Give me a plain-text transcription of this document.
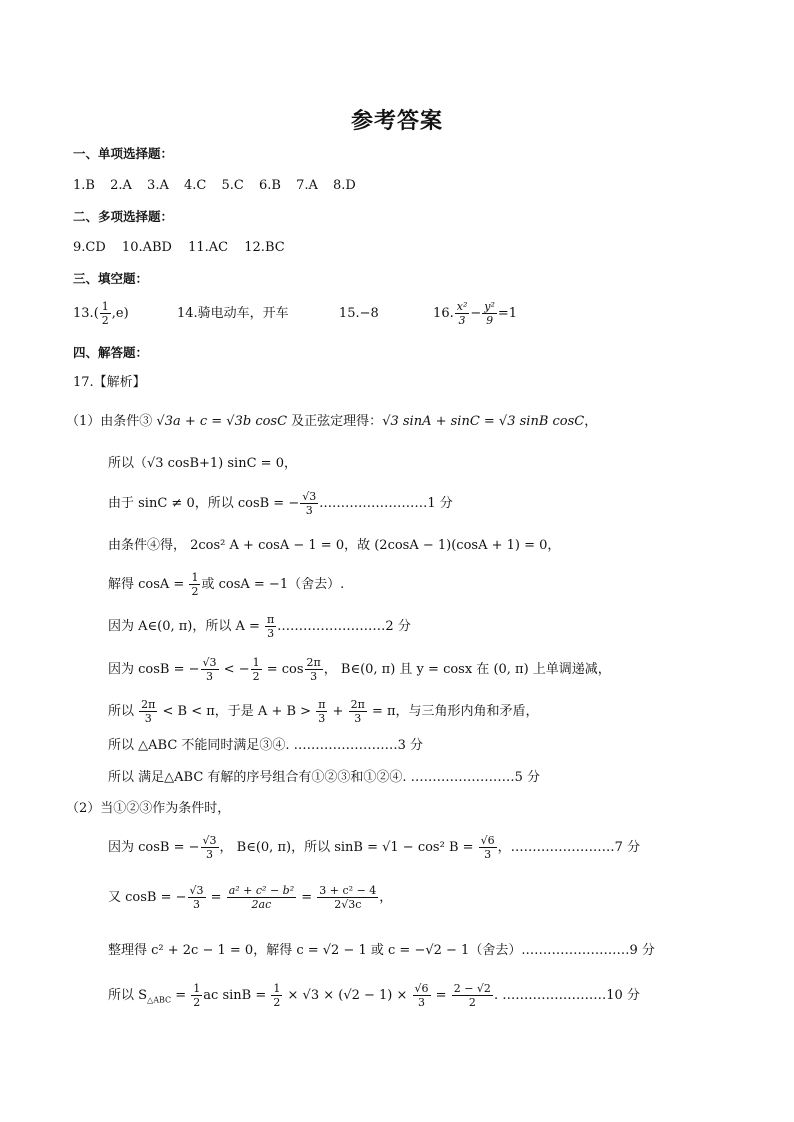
参考答案
一、单项选择题：
1.B 2.A 3.A 4.C 5.C 6.B 7.A 8.D
二、多项选择题：
9.CD 10.ABD 11.AC 12.BC
三、填空题：
$13.( \frac{1}{2} ,e)$	14.骑电动车，开车	15.−8	16. $\frac{\text{x²}}{3} - \frac{\text{y²}}{9} =1$
四、解答题：
17.【解析】
（1）由条件③ √3a + c = √3b cosC 及正弦定理得：√3 sinA + sinC = √3 sinB cosC，
所以（√3 cosB+1) sinC = 0，
由于 sinC ≠ 0，所以 cosB = − $\frac{√3}{3}$ .……………………1 分
由条件④得， 2cos² A + cosA − 1 = 0，故 (2cosA − 1)(cosA + 1) = 0，
解得 $\cos A = \frac{1}{2}$ 或 cosA = −1（舍去）.
因为 A∈(0, π)，所以 $A = \frac{\pi}{3}$ .……………………2 分
因为 cosB = − $\frac{√3}{3}$ < − $\frac{1}{2} = \cos \frac{2\pi}{3}$ ， B∈(0, π) 且 y = cosx 在 (0, π) 上单调递减，
所以 $\frac{2\pi}{3} < B < \pi$，于是 $A + B > \frac{\pi}{3} + \frac{2\pi}{3} = \pi$，与三角形内角和矛盾，
所以 △ABC 不能同时满足③④. ……………………3 分
所以 满足△ABC 有解的序号组合有①②③和①②④. ……………………5 分
（2）当①②③作为条件时，
因为 cosB = − $\frac{√3}{3}$ ， B∈(0, π)，所以 sinB = √1 − cos² $B = \frac{√6}{3}$ ，……………………7 分
又 cosB = − $\frac{√3}{3} = \frac{\text{a² + c² − b²}}{2ac} = \frac{\text{3 + c² − 4}}{2√3c}$ ，
整理得 c² + 2c − 1 = 0，解得 c = √2 − 1 或 c = −√2 − 1（舍去）.……………………9 分
所以 $S_{\triangle ABC} = \frac{1}{2}$ ac $\sin B = \frac{1}{2} \times √3 \times (√2 - 1) \times \frac{√6}{3} = \frac{2 - √2}{2}$ . ……………………10 分
